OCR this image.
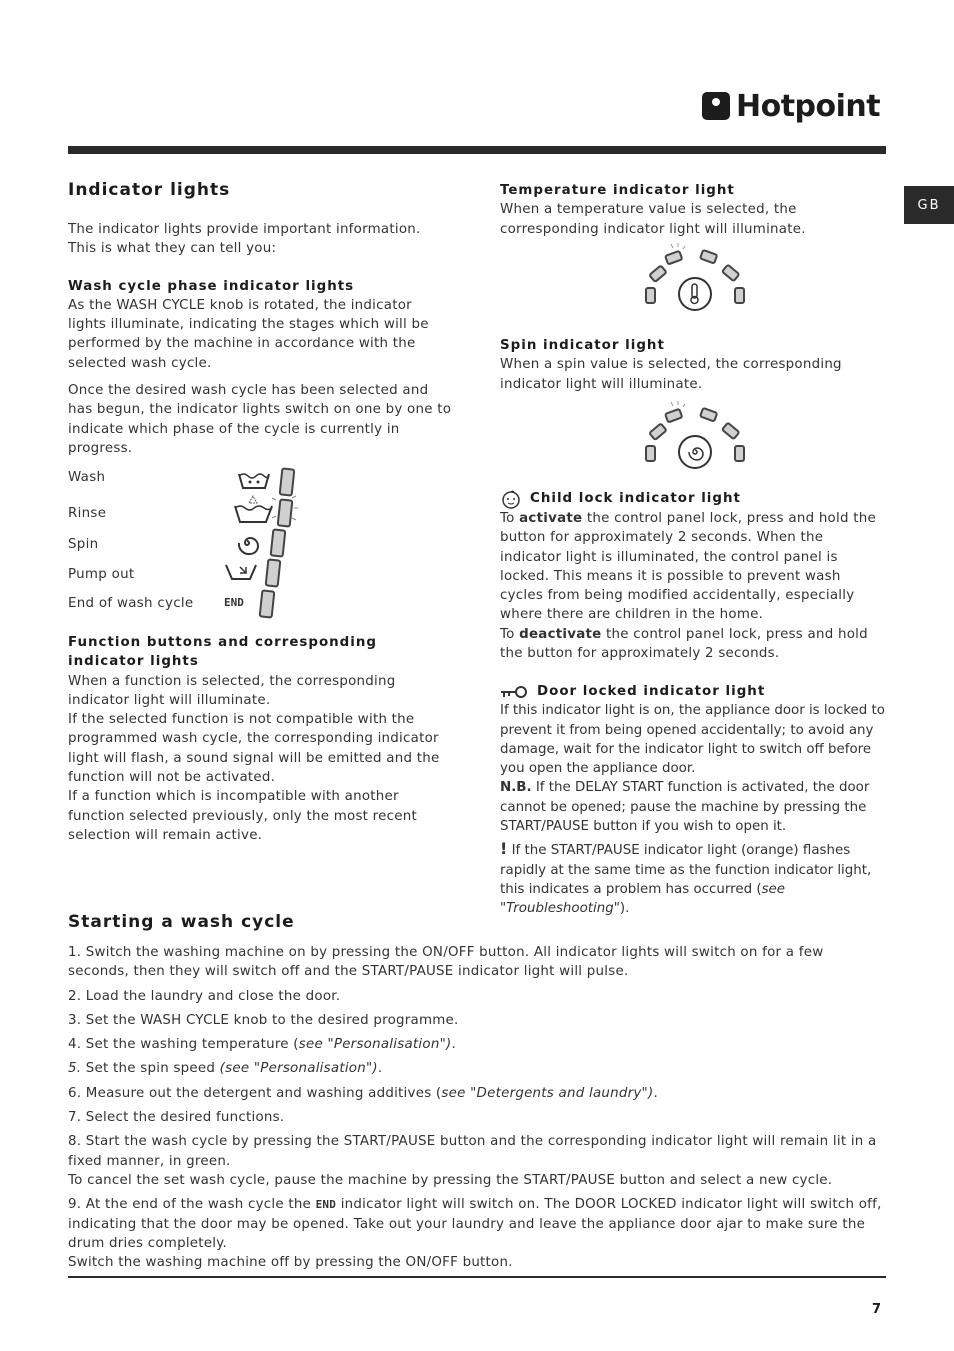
Hotpoint
GB
Indicator lights

The indicator lights provide important information. This is what they can tell you:

Wash cycle phase indicator lights

As the WASH CYCLE knob is rotated, the indicator lights illuminate, indicating the stages which will be performed by the machine in accordance with the selected wash cycle.

Once the desired wash cycle has been selected and has begun, the indicator lights switch on one by one to indicate which phase of the cycle is currently in progress.

Wash
Rinse
Spin
Pump out
End of wash cycle	END
Function buttons and corresponding indicator lights

When a function is selected, the corresponding indicator light will illuminate.

If the selected function is not compatible with the programmed wash cycle, the corresponding indicator light will flash, a sound signal will be emitted and the function will not be activated.

If a function which is incompatible with another function selected previously, only the most recent selection will remain active.

Temperature indicator light

When a temperature value is selected, the corresponding indicator light will illuminate.

Spin indicator light

When a spin value is selected, the corresponding indicator light will illuminate.

Child lock indicator light

To activate the control panel lock, press and hold the button for approximately 2 seconds. When the indicator light is illuminated, the control panel is locked. This means it is possible to prevent wash cycles from being modified accidentally, especially where there are children in the home.

To deactivate the control panel lock, press and hold the button for approximately 2 seconds.

Door locked indicator light

If this indicator light is on, the appliance door is locked to prevent it from being opened accidentally; to avoid any damage, wait for the indicator light to switch off before you open the appliance door.

N.B. If the DELAY START function is activated, the door cannot be opened; pause the machine by pressing the START/PAUSE button if you wish to open it.

! If the START/PAUSE indicator light (orange) flashes rapidly at the same time as the function indicator light, this indicates a problem has occurred (see "Troubleshooting").

Starting a wash cycle
1. Switch the washing machine on by pressing the ON/OFF button. All indicator lights will switch on for a few seconds, then they will switch off and the START/PAUSE indicator light will pulse.
2. Load the laundry and close the door.
3. Set the WASH CYCLE knob to the desired programme.
4. Set the washing temperature (see "Personalisation").
5. Set the spin speed (see "Personalisation").
6. Measure out the detergent and washing additives (see "Detergents and laundry").
7. Select the desired functions.
8. Start the wash cycle by pressing the START/PAUSE button and the corresponding indicator light will remain lit in a fixed manner, in green.
To cancel the set wash cycle, pause the machine by pressing the START/PAUSE button and select a new cycle.
9. At the end of the wash cycle the END indicator light will switch on. The DOOR LOCKED indicator light will switch off, indicating that the door may be opened. Take out your laundry and leave the appliance door ajar to make sure the drum dries completely.
Switch the washing machine off by pressing the ON/OFF button.
7
